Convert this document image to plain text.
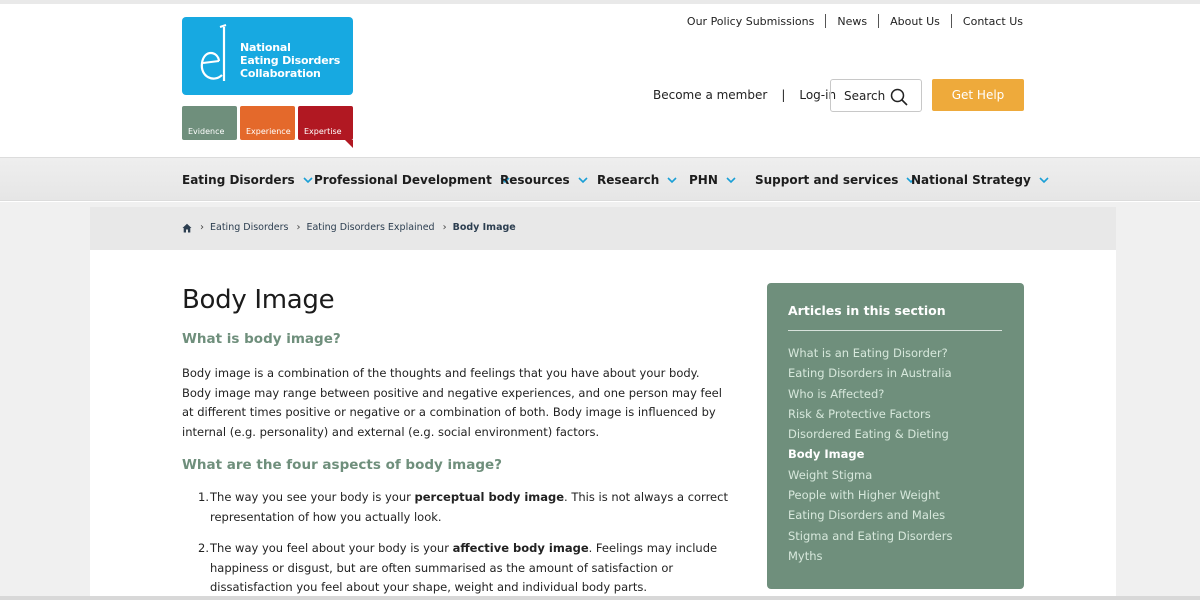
National
Eating Disorders
Collaboration
Evidence	Experience	Expertise
Our Policy Submissions News About Us Contact Us
Become a member | Log-in Search	Get Help
Eating Disorders Professional Development Resources Research PHN	Support and services National Strategy
› Eating Disorders › Eating Disorders Explained › Body Image
Body Image
What is body image?

Body image is a combination of the thoughts and feelings that you have about your body. Body image may range between positive and negative experiences, and one person may feel at different times positive or negative or a combination of both. Body image is influenced by internal (e.g. personality) and external (e.g. social environment) factors.

What are the four aspects of body image?
1. The way you see your body is your perceptual body image. This is not always a correct representation of how you actually look.
2. The way you feel about your body is your affective body image. Feelings may include happiness or disgust, but are often summarised as the amount of satisfaction or dissatisfaction you feel about your shape, weight and individual body parts.
Articles in this section
What is an Eating Disorder?
Eating Disorders in Australia
Who is Affected?
Risk & Protective Factors
Disordered Eating & Dieting
Body Image
Weight Stigma
People with Higher Weight
Eating Disorders and Males
Stigma and Eating Disorders
Myths
